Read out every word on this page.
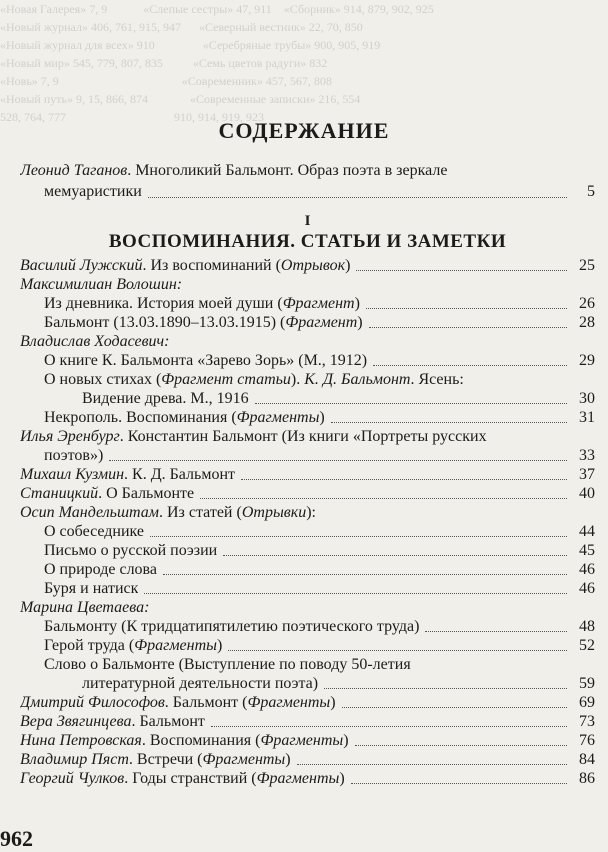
«Новая Галерея» 7, 9            «Слепые сестры» 47, 911    «Сборник» 914, 879, 902, 925
«Новый журнал» 406, 761, 915, 947      «Северный вестник» 22, 70, 850
«Новый журнал для всех» 910                «Серебряные трубы» 900, 905, 919
«Новый мир» 545, 779, 807, 835          «Семь цветов радуги» 832
«Новь» 7, 9                                         «Современник» 457, 567, 808
«Новый путь» 9, 15, 866, 874              «Современные записки» 216, 554
528, 764, 777                                    910, 914, 919, 923
СОДЕРЖАНИЕ
Леонид Таганов. Многоликий Бальмонт. Образ поэта в зеркале
мемуаристики	5
I
ВОСПОМИНАНИЯ. СТАТЬИ И ЗАМЕТКИ
Василий Лужский. Из воспоминаний (Отрывок)	25
Максимилиан Волошин:
Из дневника. История моей души (Фрагмент)	26
Бальмонт (13.03.1890–13.03.1915) (Фрагмент)	28
Владислав Ходасевич:
О книге К. Бальмонта «Зарево Зорь» (М., 1912)	29
О новых стихах (Фрагмент статьи). К. Д. Бальмонт. Ясень:
Видение древа. М., 1916	30
Некрополь. Воспоминания (Фрагменты)	31
Илья Эренбург. Константин Бальмонт (Из книги «Портреты русских
поэтов»)	33
Михаил Кузмин. К. Д. Бальмонт	37
Станицкий. О Бальмонте	40
Осип Мандельштам. Из статей (Отрывки):
О собеседнике	44
Письмо о русской поэзии	45
О природе слова	46
Буря и натиск	46
Марина Цветаева:
Бальмонту (К тридцатипятилетию поэтического труда)	48
Герой труда (Фрагменты)	52
Слово о Бальмонте (Выступление по поводу 50-летия
литературной деятельности поэта)	59
Дмитрий Философов. Бальмонт (Фрагменты)	69
Вера Звягинцева. Бальмонт	73
Нина Петровская. Воспоминания (Фрагменты)	76
Владимир Пяст. Встречи (Фрагменты)	84
Георгий Чулков. Годы странствий (Фрагменты)	86
962
